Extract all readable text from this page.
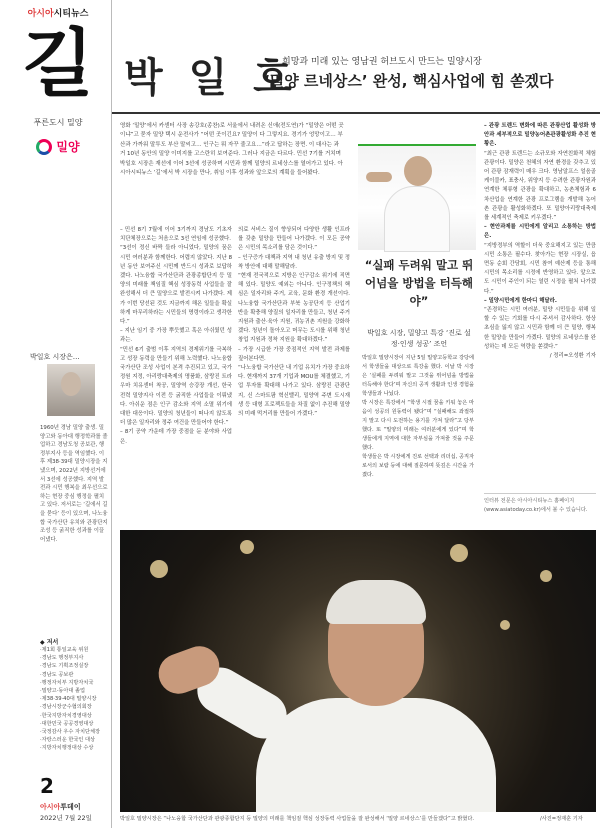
아시아시티뉴스
길
푸른도시 밀양
밀양
박일호 시장은…
1960년 경남 밀양 출생. 밀양고와 동아대 행정학과를 졸업하고 경남도청 공보관, 행정부지사 등을 역임했다. 이후 제38·39대 밀양시장을 지냈으며, 2022년 지방선거에서 3선에 성공했다. 지역 발전과 시민 행복을 최우선으로 하는 현장 중심 행정을 펼치고 있다. 저서로는 ‘길에서 길을 묻다’ 등이 있으며, 나노융합 국가산단 유치와 관광단지 조성 등 굵직한 성과를 이끌어냈다.
◆ 저서
·제1회 통일교육 위원
·경남도 행정부지사
·경남도 기획조정실장
·경남도 공보관
·행정자치부 지방자치국
·밀양고·동아대 졸업
·제38·39·40대 밀양시장
·경남시장군수협의회장
·한국지방자치경영대상
·대한민국 공공경영대상
·국정감사 우수 자치단체장
·자랑스러운 한국인 대상
·지방자치행정대상 수상
2
아시아투데이
2022년 7월 22일
박 일 호
희망과 미래 있는 영남권 허브도시 만드는 밀양시장
‘밀양 르네상스’ 완성, 핵심사업에 힘 쏟겠다
영화 ‘밀양’에서 카센터 사장 송강호(종찬)로 서울에서 내려온 신애(전도연)가 “밀양은 어떤 곳이냐”고 묻자 밀양 택시 운전사가 “어떤 곳이긴요? 밀양이 다 그렇지요. 경기가 엉망이고… 부산과 가까워 말투도 부산 말씨고… 인구는 뭐 자꾸 줄고요…”라고 답하는 장면. 이 대사는 과거 10년 동안의 밀양 이미지를 고스란히 보여준다. 그러나 지금은 다르다. 민선 7기를 거치며 박일호 시장은 재선에 이어 3선에 성공하며 시민과 함께 밀양의 르네상스를 열어가고 있다. 아시아시티뉴스 ‘길’에서 박 시장을 만나, 취임 이후 성과와 앞으로의 계획을 들어봤다.

– 민선 8기 7월에 이어 3기까지 경남도 기초자치단체장으로는 처음으로 3선 연임에 성공했다.

“3선이 정신 바짝 들라 아니었다, 밀양의 꿈은 시민 여러분과 함께한다. 어렵지 않았다. 지난 8년 동안 보여주신 시민께 반드시 성과로 보답하겠다. 나노융합 국가산단과 관광종합단지 등 밀양의 미래를 책임질 핵심 성장동력 사업들을 잘 완성해서 더 큰 밀양으로 발전시켜 나가겠다. 제가 이번 당선된 것도 지금까지 해온 일들을 확실하게 마무리하라는 시민들의 명령이라고 생각한다.”

– 지난 임기 중 가장 뿌듯했고 혹은 아쉬웠던 성과는.

“민선 6기 출범 이후 지역의 경제위기를 극복하고 성장 동력을 만들기 위해 노력했다. 나노융합 국가산단 조성 사업이 본격 추진되고 있고, 국가정원 지정, 아리랑대축제의 명품화, 삼랑진 트라우마 치유센터 착공, 밀양역 승강장 개선, 한국전력 밀양지사 이전 등 굵직한 사업들을 이뤄냈다. 아쉬운 점은 인구 감소와 지역 소멸 위기에 대한 대응이다. 밀양의 청년들이 떠나지 않도록 더 많은 일자리와 정주 여건을 만들어야 한다.”

– 8기 공약 가운데 가장 중점을 둔 분야와 사업은.

의료 서비스 질이 향상되어 다양한 생활 인프라를 갖춘 밀양을 만들어 나가겠다. 이 모든 공약은 시민의 목소리를 담은 것이다.”

– 인구증가 대책과 지역 내 청년 유출 방지 및 정착 방안에 대해 말해달라.

“현재 전국적으로 지방은 인구감소 위기에 직면해 있다. 밀양도 예외는 아니다. 인구정책의 핵심은 일자리와 주거, 교육, 문화 환경 개선이다. 나노융합 국가산단과 부북 농공단지 등 산업기반을 확충해 양질의 일자리를 만들고, 청년 주거 지원과 출산·육아 지원, 귀농귀촌 지원을 강화하겠다. 청년이 돌아오고 머무는 도시를 위해 청년 창업 지원과 정착 지원을 확대하겠다.”

– 가장 시급한 가장 중점적인 지역 발전 과제를 짚어본다면.

“나노융합 국가산단 내 기업 유치가 가장 중요하다. 현재까지 37개 기업과 MOU를 체결했고, 기업 투자를 확대해 나가고 있다. 삼랑진 관광단지, 신 스마트팜 혁신밸리, 밀양역 주변 도시재생 등 대형 프로젝트들을 차질 없이 추진해 밀양의 미래 먹거리를 만들어 가겠다.”

“실패 두려워 말고 뛰어넘을 방법을 터득해야”
박일호 시장, 밀양고 특강 ‘진로 설정·인생 성공’ 조언

박일호 밀양시장이 지난 5일 밀양고등학교 강당에서 학생들을 대상으로 특강을 했다. 이날 박 시장은 ‘실패를 두려워 말고 그것을 뛰어넘을 방법을 터득해야 한다’며 자신의 공직 생활과 인생 경험을 학생들과 나눴다.

박 시장은 특강에서 “학생 시절 꿈을 키워 놓은 마음이 성공의 원동력이 됐다”며 “실패해도 좌절하지 말고 다시 도전하는 용기를 가져 달라”고 당부했다. 또 “밀양의 미래는 여러분에게 있다”며 학생들에게 지역에 대한 자부심을 가져줄 것을 주문했다.

학생들은 박 시장에게 진로 선택과 리더십, 공직자로서의 보람 등에 대해 질문하며 뜻깊은 시간을 가졌다.

– 관광 트렌드 변화에 따른 관광산업 활성화 방안과 세부적으로 밀양농어촌관광활성화 추진 현황은.

“최근 관광 트렌드는 소규모와 자연친화적 체험 관광이다. 밀양은 천혜의 자연 환경을 갖추고 있어 관광 잠재력이 매우 크다. 영남알프스 얼음골 케이블카, 표충사, 위양지 등 수려한 관광자원과 연계한 체류형 관광을 확대하고, 농촌체험과 6차산업을 연계한 관광 프로그램을 개발해 농어촌 관광을 활성화하겠다. 또 밀양아리랑대축제를 세계적인 축제로 키우겠다.”

– 현안과제를 시민에게 알리고 소통하는 방법은.

“지방정부의 역할이 더욱 중요해지고 있는 만큼 시민 소통은 필수다. 찾아가는 현장 시장실, 읍면동 순회 간담회, 시민 참여 예산제 등을 통해 시민의 목소리를 시정에 반영하고 있다. 앞으로도 시민이 주인이 되는 열린 시정을 펼쳐 나가겠다.”

– 밀양시민에게 한마디 해달라.

“존경하는 시민 여러분, 밀양 시민들을 위해 일할 수 있는 기회를 다시 주셔서 감사하다. 항상 초심을 잃지 않고 시민과 함께 더 큰 밀양, 행복한 밀양을 만들어 가겠다. 밀양의 르네상스를 완성하는 데 모든 역량을 쏟겠다.”

/ 정리=오성환 기자

인터뷰 전문은 아시아시티뉴스 홈페이지(www.asiatoday.co.kr)에서 볼 수 있습니다.
박일호 밀양시장은 “나노융합 국가산단과 관광종합단지 등 밀양의 미래를 책임질 핵심 성장동력 사업들을 잘 완성해서 ‘밀양 르네상스’를 만들겠다”고 밝혔다.	/사진=정재훈 기자
